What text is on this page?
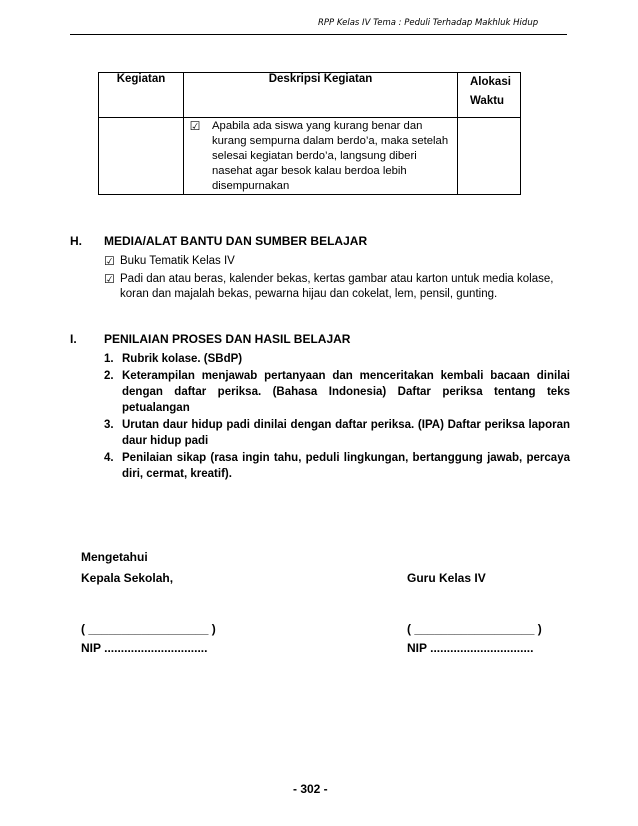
RPP Kelas IV Tema : Peduli Terhadap Makhluk Hidup
Kegiatan	Deskripsi Kegiatan	Alokasi
Waktu

	☑ Apabila ada siswa yang kurang benar dan kurang sempurna dalam berdo’a, maka setelah selesai kegiatan berdo’a, langsung diberi nasehat agar besok kalau berdoa lebih disempurnakan	

H. MEDIA/ALAT BANTU DAN SUMBER BELAJAR
☑ Buku Tematik Kelas IV
☑ Padi dan atau beras, kalender bekas, kertas gambar atau karton untuk media kolase, koran dan majalah bekas, pewarna hijau dan cokelat, lem, pensil, gunting.
I. PENILAIAN PROSES DAN HASIL BELAJAR
1. Rubrik kolase. (SBdP)
2. Keterampilan menjawab pertanyaan dan menceritakan kembali bacaan dinilai dengan daftar periksa. (Bahasa Indonesia) Daftar periksa tentang teks petualangan
3. Urutan daur hidup padi dinilai dengan daftar periksa. (IPA) Daftar periksa laporan daur hidup padi
4. Penilaian sikap (rasa ingin tahu, peduli lingkungan, bertanggung jawab, percaya diri, cermat, kreatif).
Mengetahui
Kepala Sekolah,	Guru Kelas IV
( __________________ )	( __________________ )
NIP ...............................	NIP ...............................
- 302 -
